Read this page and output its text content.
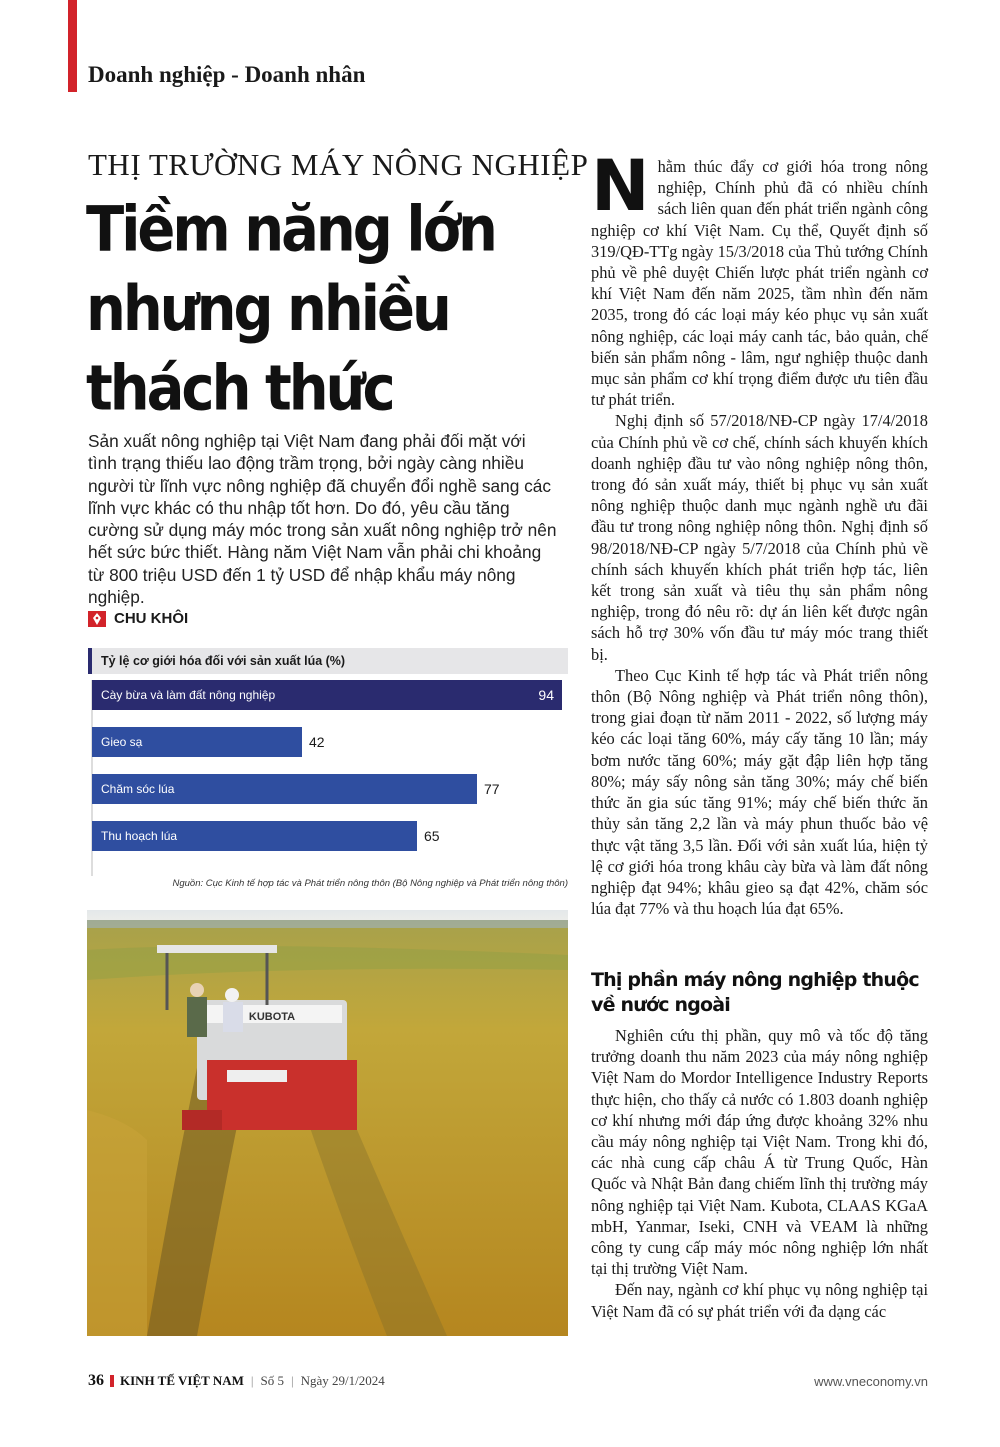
Doanh nghiệp - Doanh nhân
THỊ TRƯỜNG MÁY NÔNG NGHIỆP
Tiềm năng lớn nhưng nhiều thách thức
Sản xuất nông nghiệp tại Việt Nam đang phải đối mặt với tình trạng thiếu lao động trầm trọng, bởi ngày càng nhiều người từ lĩnh vực nông nghiệp đã chuyển đổi nghề sang các lĩnh vực khác có thu nhập tốt hơn. Do đó, yêu cầu tăng cường sử dụng máy móc trong sản xuất nông nghiệp trở nên hết sức bức thiết. Hàng năm Việt Nam vẫn phải chi khoảng từ 800 triệu USD đến 1 tỷ USD để nhập khẩu máy nông nghiệp.
CHU KHÔI
Tỷ lệ cơ giới hóa đối với sản xuất lúa (%)
Cày bừa và làm đất nông nghiệp	94
Gieo sạ	42
Chăm sóc lúa	77
Thu hoạch lúa	65
Nguồn: Cục Kinh tế hợp tác và Phát triển nông thôn (Bộ Nông nghiệp và Phát triển nông thôn)
KUBOTA

Nhằm thúc đẩy cơ giới hóa trong nông nghiệp, Chính phủ đã có nhiều chính sách liên quan đến phát triển ngành công nghiệp cơ khí Việt Nam. Cụ thể, Quyết định số 319/QĐ-TTg ngày 15/3/2018 của Thủ tướng Chính phủ về phê duyệt Chiến lược phát triển ngành cơ khí Việt Nam đến năm 2025, tầm nhìn đến năm 2035, trong đó các loại máy kéo phục vụ sản xuất nông nghiệp, các loại máy canh tác, bảo quản, chế biến sản phẩm nông - lâm, ngư nghiệp thuộc danh mục sản phẩm cơ khí trọng điểm được ưu tiên đầu tư phát triển.

Nghị định số 57/2018/NĐ-CP ngày 17/4/2018 của Chính phủ về cơ chế, chính sách khuyến khích doanh nghiệp đầu tư vào nông nghiệp nông thôn, trong đó sản xuất máy, thiết bị phục vụ sản xuất nông nghiệp thuộc danh mục ngành nghề ưu đãi đầu tư trong nông nghiệp nông thôn. Nghị định số 98/2018/NĐ-CP ngày 5/7/2018 của Chính phủ về chính sách khuyến khích phát triển hợp tác, liên kết trong sản xuất và tiêu thụ sản phẩm nông nghiệp, trong đó nêu rõ: dự án liên kết được ngân sách hỗ trợ 30% vốn đầu tư máy móc trang thiết bị.

Theo Cục Kinh tế hợp tác và Phát triển nông thôn (Bộ Nông nghiệp và Phát triển nông thôn), trong giai đoạn từ năm 2011 - 2022, số lượng máy kéo các loại tăng 60%, máy cấy tăng 10 lần; máy bơm nước tăng 60%; máy gặt đập liên hợp tăng 80%; máy sấy nông sản tăng 30%; máy chế biến thức ăn gia súc tăng 91%; máy chế biến thức ăn thủy sản tăng 2,2 lần và máy phun thuốc bảo vệ thực vật tăng 3,5 lần. Đối với sản xuất lúa, hiện tỷ lệ cơ giới hóa trong khâu cày bừa và làm đất nông nghiệp đạt 94%; khâu gieo sạ đạt 42%, chăm sóc lúa đạt 77% và thu hoạch lúa đạt 65%.

Thị phần máy nông nghiệp thuộc về nước ngoài

Nghiên cứu thị phần, quy mô và tốc độ tăng trưởng doanh thu năm 2023 của máy nông nghiệp Việt Nam do Mordor Intelligence Industry Reports thực hiện, cho thấy cả nước có 1.803 doanh nghiệp cơ khí nhưng mới đáp ứng được khoảng 32% nhu cầu máy nông nghiệp tại Việt Nam. Trong khi đó, các nhà cung cấp châu Á từ Trung Quốc, Hàn Quốc và Nhật Bản đang chiếm lĩnh thị trường máy nông nghiệp tại Việt Nam. Kubota, CLAAS KGaA mbH, Yanmar, Iseki, CNH và VEAM là những công ty cung cấp máy móc nông nghiệp lớn nhất tại thị trường Việt Nam.

Đến nay, ngành cơ khí phục vụ nông nghiệp tại Việt Nam đã có sự phát triển với đa dạng các

36 KINH TẾ VIỆT NAM | Số 5 | Ngày 29/1/2024	www.vneconomy.vn
